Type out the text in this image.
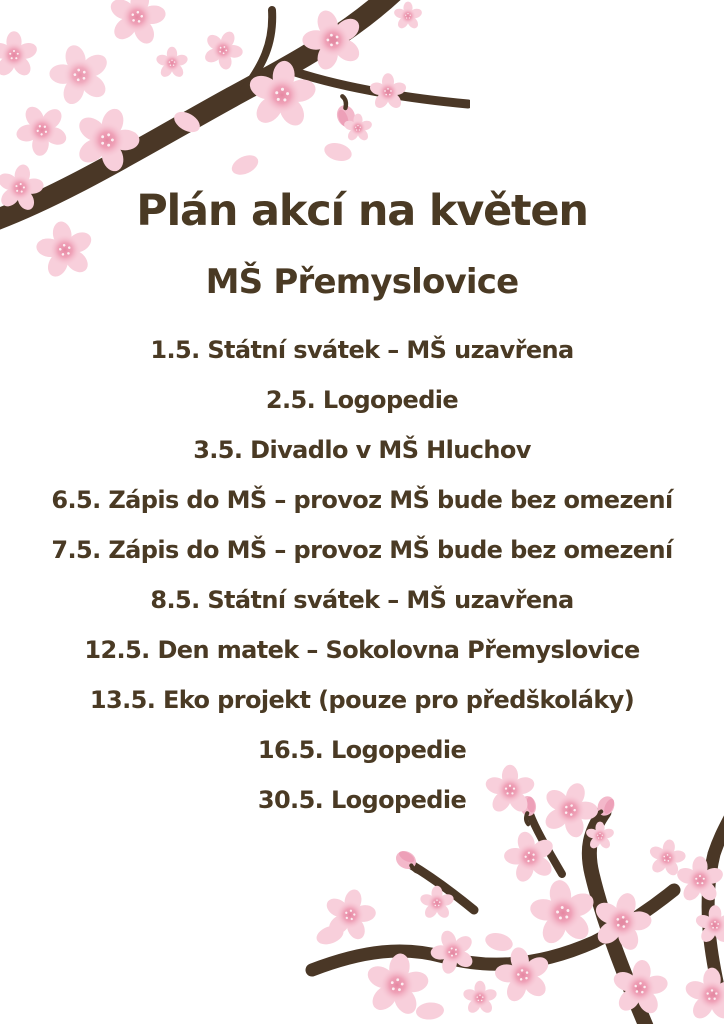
Plán akcí na květen
MŠ Přemyslovice
1.5. Státní svátek – MŠ uzavřena
2.5. Logopedie
3.5. Divadlo v MŠ Hluchov
6.5. Zápis do MŠ – provoz MŠ bude bez omezení
7.5. Zápis do MŠ – provoz MŠ bude bez omezení
8.5. Státní svátek – MŠ uzavřena
12.5. Den matek – Sokolovna Přemyslovice
13.5. Eko projekt (pouze pro předškoláky)
16.5. Logopedie
30.5. Logopedie
